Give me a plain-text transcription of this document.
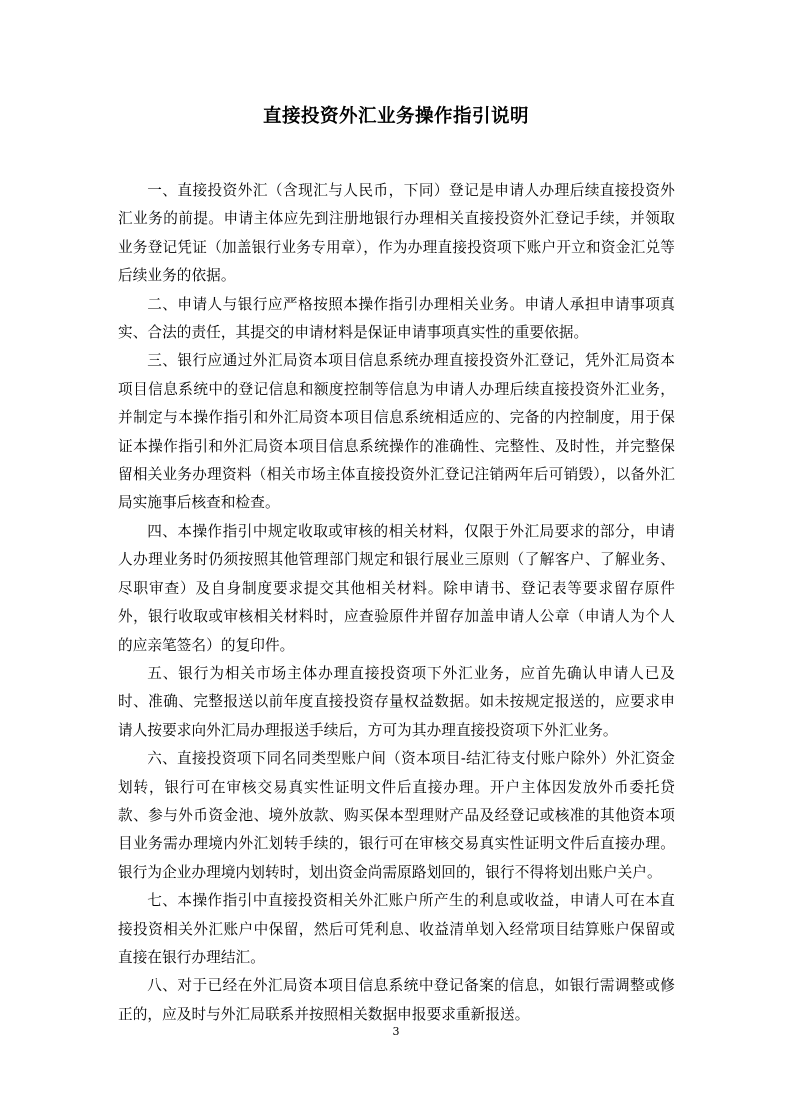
直接投资外汇业务操作指引说明

一、直接投资外汇（含现汇与人民币，下同）登记是申请人办理后续直接投资外汇业务的前提。申请主体应先到注册地银行办理相关直接投资外汇登记手续，并领取业务登记凭证（加盖银行业务专用章），作为办理直接投资项下账户开立和资金汇兑等后续业务的依据。

二、申请人与银行应严格按照本操作指引办理相关业务。申请人承担申请事项真实、合法的责任，其提交的申请材料是保证申请事项真实性的重要依据。

三、银行应通过外汇局资本项目信息系统办理直接投资外汇登记，凭外汇局资本项目信息系统中的登记信息和额度控制等信息为申请人办理后续直接投资外汇业务，并制定与本操作指引和外汇局资本项目信息系统相适应的、完备的内控制度，用于保证本操作指引和外汇局资本项目信息系统操作的准确性、完整性、及时性，并完整保留相关业务办理资料（相关市场主体直接投资外汇登记注销两年后可销毁），以备外汇局实施事后核查和检查。

四、本操作指引中规定收取或审核的相关材料，仅限于外汇局要求的部分，申请人办理业务时仍须按照其他管理部门规定和银行展业三原则（了解客户、了解业务、尽职审查）及自身制度要求提交其他相关材料。除申请书、登记表等要求留存原件外，银行收取或审核相关材料时，应查验原件并留存加盖申请人公章（申请人为个人的应亲笔签名）的复印件。

五、银行为相关市场主体办理直接投资项下外汇业务，应首先确认申请人已及时、准确、完整报送以前年度直接投资存量权益数据。如未按规定报送的，应要求申请人按要求向外汇局办理报送手续后，方可为其办理直接投资项下外汇业务。

六、直接投资项下同名同类型账户间（资本项目-结汇待支付账户除外）外汇资金划转，银行可在审核交易真实性证明文件后直接办理。开户主体因发放外币委托贷款、参与外币资金池、境外放款、购买保本型理财产品及经登记或核准的其他资本项目业务需办理境内外汇划转手续的，银行可在审核交易真实性证明文件后直接办理。银行为企业办理境内划转时，划出资金尚需原路划回的，银行不得将划出账户关户。

七、本操作指引中直接投资相关外汇账户所产生的利息或收益，申请人可在本直接投资相关外汇账户中保留，然后可凭利息、收益清单划入经常项目结算账户保留或直接在银行办理结汇。

八、对于已经在外汇局资本项目信息系统中登记备案的信息，如银行需调整或修正的，应及时与外汇局联系并按照相关数据申报要求重新报送。

3
